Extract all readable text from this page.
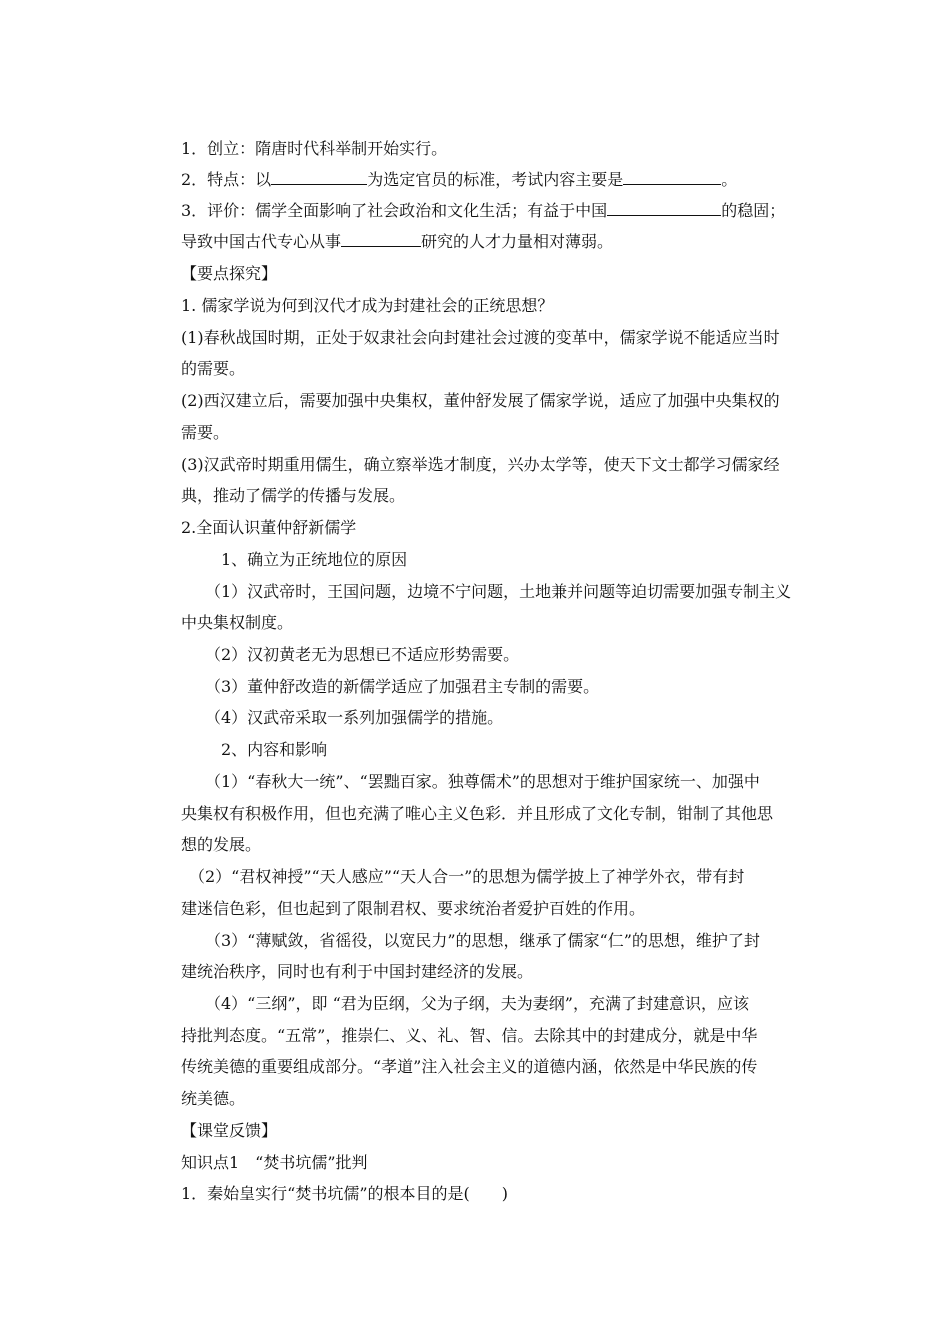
1．创立：隋唐时代科举制开始实行。
2．特点：以	为选定官员的标准，考试内容主要是	。
3．评价：儒学全面影响了社会政治和文化生活；有益于中国	的稳固；
导致中国古代专心从事	研究的人才力量相对薄弱。
【要点探究】
1. 儒家学说为何到汉代才成为封建社会的正统思想？
(1)春秋战国时期，正处于奴隶社会向封建社会过渡的变革中，儒家学说不能适应当时
的需要。
(2)西汉建立后，需要加强中央集权，董仲舒发展了儒家学说，适应了加强中央集权的
需要。
(3)汉武帝时期重用儒生，确立察举选才制度，兴办太学等，使天下文士都学习儒家经
典，推动了儒学的传播与发展。
2.全面认识董仲舒新儒学
1、确立为正统地位的原因
（1）汉武帝时，王国问题，边境不宁问题，土地兼并问题等迫切需要加强专制主义
中央集权制度。
（2）汉初黄老无为思想已不适应形势需要。
（3）董仲舒改造的新儒学适应了加强君主专制的需要。
（4）汉武帝采取一系列加强儒学的措施。
2、内容和影响
（1）“春秋大一统”、“罢黜百家。独尊儒术”的思想对于维护国家统一、加强中
央集权有积极作用，但也充满了唯心主义色彩．并且形成了文化专制，钳制了其他思
想的发展。
（2）“君权神授”“天人感应”“天人合一”的思想为儒学披上了神学外衣，带有封
建迷信色彩，但也起到了限制君权、要求统治者爱护百姓的作用。
（3）“薄赋敛，省徭役，以宽民力”的思想，继承了儒家“仁”的思想，维护了封
建统治秩序，同时也有利于中国封建经济的发展。
（4）“三纲”，即 “君为臣纲，父为子纲，夫为妻纲”，充满了封建意识，应该
持批判态度。“五常”，推崇仁、义、礼、智、信。去除其中的封建成分，就是中华
传统美德的重要组成部分。“孝道”注入社会主义的道德内涵，依然是中华民族的传
统美德。
【课堂反馈】
知识点1　“焚书坑儒”批判
1．秦始皇实行“焚书坑儒”的根本目的是(　　)
